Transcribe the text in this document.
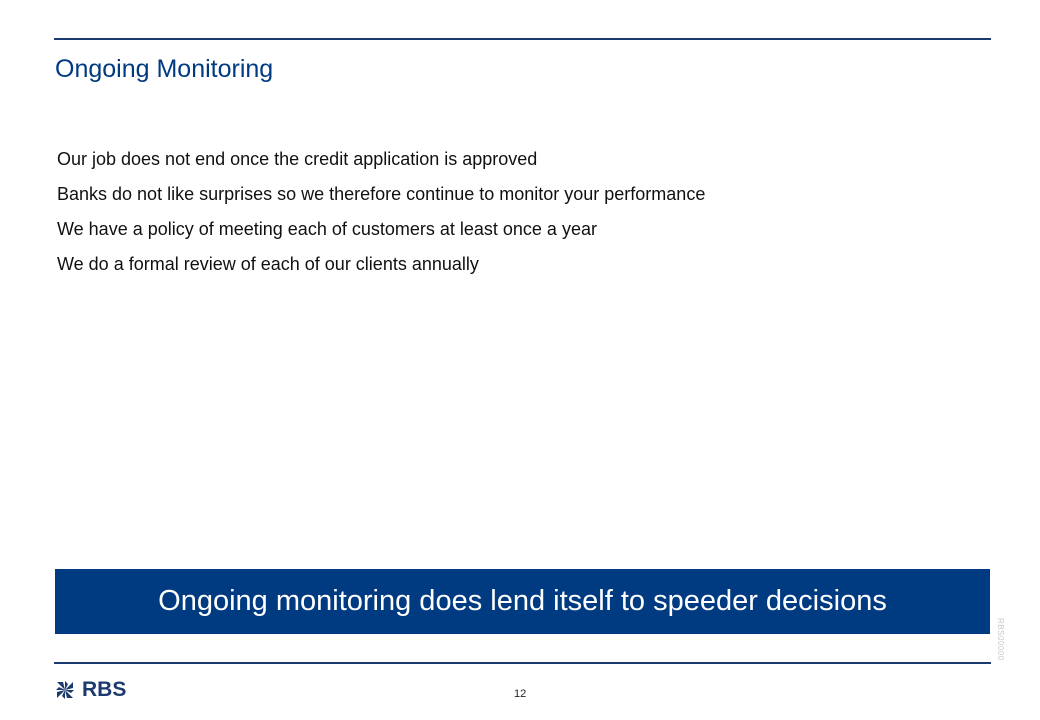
Ongoing Monitoring
Our job does not end once the credit application is approved
Banks do not like surprises so we therefore continue to monitor your performance
We have a policy of meeting each of customers at least once a year
We do a formal review of each of our clients annually
Ongoing monitoring does lend itself to speeder decisions
RBS00000
RBS	12
